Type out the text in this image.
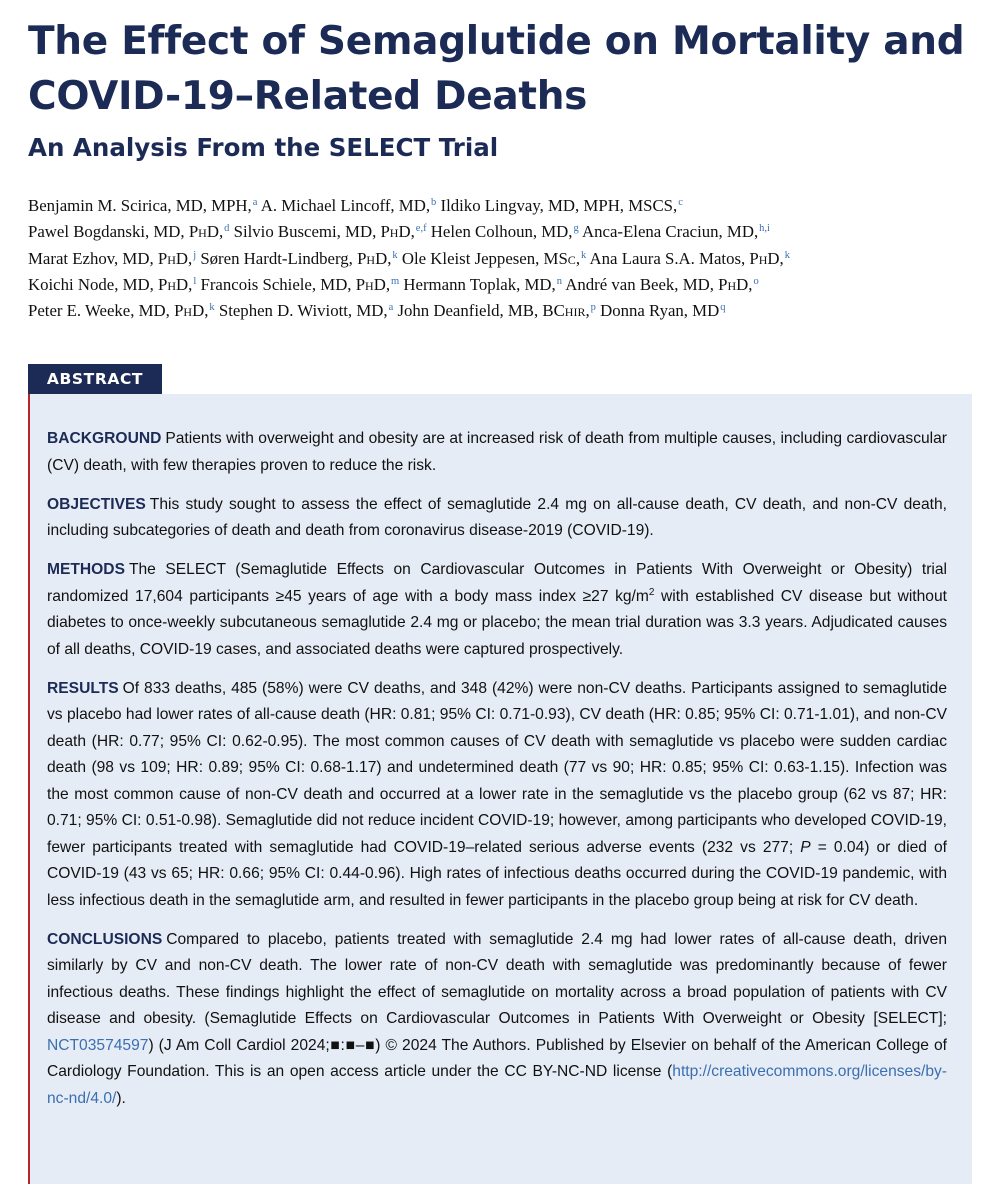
The Effect of Semaglutide on Mortality and COVID-19–Related Deaths
An Analysis From the SELECT Trial
Benjamin M. Scirica, MD, MPH,$^a$ A. Michael Lincoff, MD,$^b$ Ildiko Lingvay, MD, MPH, MSCS,$^c$
Pawel Bogdanski, MD, PhD,$^d$ Silvio Buscemi, MD, PhD,$^{e,f}$ Helen Colhoun, MD,$^g$ Anca-Elena Craciun, MD,$^{h,i}$
Marat Ezhov, MD, PhD,$^j$ Søren Hardt-Lindberg, PhD,$^k$ Ole Kleist Jeppesen, MSc,$^k$ Ana Laura S.A. Matos, PhD,$^k$
Koichi Node, MD, PhD,$^l$ Francois Schiele, MD, PhD,$^m$ Hermann Toplak, MD,$^n$ André van Beek, MD, PhD,$^o$
Peter E. Weeke, MD, PhD,$^k$ Stephen D. Wiviott, MD,$^a$ John Deanfield, MB, BChir,$^p$ Donna Ryan, $MD^q$
ABSTRACT

BACKGROUND Patients with overweight and obesity are at increased risk of death from multiple causes, including cardiovascular (CV) death, with few therapies proven to reduce the risk.

OBJECTIVES This study sought to assess the effect of semaglutide 2.4 mg on all-cause death, CV death, and non-CV death, including subcategories of death and death from coronavirus disease-2019 (COVID-19).

METHODS The SELECT (Semaglutide Effects on Cardiovascular Outcomes in Patients With Overweight or Obesity) trial randomized 17,604 participants ≥45 years of age with a body mass index ≥27 $kg/m^2$ with established CV disease but without diabetes to once-weekly subcutaneous semaglutide 2.4 mg or placebo; the mean trial duration was 3.3 years. Adjudicated causes of all deaths, COVID-19 cases, and associated deaths were captured prospectively.

RESULTS Of 833 deaths, 485 (58%) were CV deaths, and 348 (42%) were non-CV deaths. Participants assigned to semaglutide vs placebo had lower rates of all-cause death (HR: 0.81; 95% CI: 0.71-0.93), CV death (HR: 0.85; 95% CI: 0.71-1.01), and non-CV death (HR: 0.77; 95% CI: 0.62-0.95). The most common causes of CV death with semaglutide vs placebo were sudden cardiac death (98 vs 109; HR: 0.89; 95% CI: 0.68-1.17) and undetermined death (77 vs 90; HR: 0.85; 95% CI: 0.63-1.15). Infection was the most common cause of non-CV death and occurred at a lower rate in the semaglutide vs the placebo group (62 vs 87; HR: 0.71; 95% CI: 0.51-0.98). Semaglutide did not reduce incident COVID-19; however, among participants who developed COVID-19, fewer participants treated with semaglutide had COVID-19–related serious adverse events (232 vs 277; P = 0.04) or died of COVID-19 (43 vs 65; HR: 0.66; 95% CI: 0.44-0.96). High rates of infectious deaths occurred during the COVID-19 pandemic, with less infectious death in the semaglutide arm, and resulted in fewer participants in the placebo group being at risk for CV death.

CONCLUSIONS Compared to placebo, patients treated with semaglutide 2.4 mg had lower rates of all-cause death, driven similarly by CV and non-CV death. The lower rate of non-CV death with semaglutide was predominantly because of fewer infectious deaths. These findings highlight the effect of semaglutide on mortality across a broad population of patients with CV disease and obesity. (Semaglutide Effects on Cardiovascular Outcomes in Patients With Overweight or Obesity [SELECT]; NCT03574597) (J Am Coll Cardiol 2024;■:■–■) © 2024 The Authors. Published by Elsevier on behalf of the American College of Cardiology Foundation. This is an open access article under the CC BY-NC-ND license (http://creativecommons.org/licenses/by-nc-nd/4.0/).
